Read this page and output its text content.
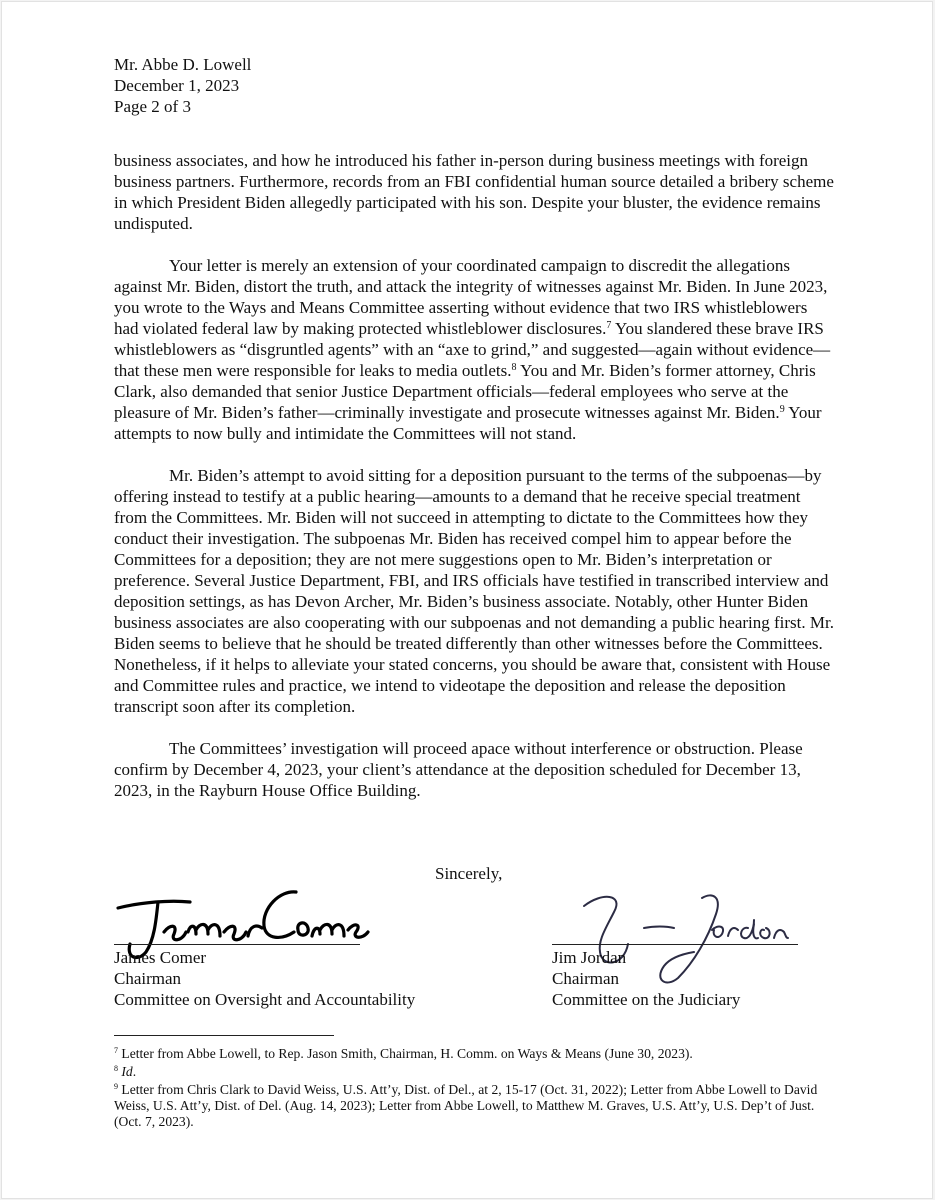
Mr. Abbe D. Lowell
December 1, 2023
Page 2 of 3

business associates, and how he introduced his father in-person during business meetings with foreign business partners. Furthermore, records from an FBI confidential human source detailed a bribery scheme in which President Biden allegedly participated with his son. Despite your bluster, the evidence remains undisputed.

Your letter is merely an extension of your coordinated campaign to discredit the allegations against Mr. Biden, distort the truth, and attack the integrity of witnesses against Mr. Biden. In June 2023, you wrote to the Ways and Means Committee asserting without evidence that two IRS whistleblowers had violated federal law by making protected whistleblower disclosures.$^7$ You slandered these brave IRS whistleblowers as “disgruntled agents” with an “axe to grind,” and suggested—again without evidence—that these men were responsible for leaks to media outlets.$^8$ You and Mr. Biden’s former attorney, Chris Clark, also demanded that senior Justice Department officials—federal employees who serve at the pleasure of Mr. Biden’s father—criminally investigate and prosecute witnesses against Mr. Biden.$^9$ Your attempts to now bully and intimidate the Committees will not stand.

Mr. Biden’s attempt to avoid sitting for a deposition pursuant to the terms of the subpoenas—by offering instead to testify at a public hearing—amounts to a demand that he receive special treatment from the Committees. Mr. Biden will not succeed in attempting to dictate to the Committees how they conduct their investigation. The subpoenas Mr. Biden has received compel him to appear before the Committees for a deposition; they are not mere suggestions open to Mr. Biden’s interpretation or preference. Several Justice Department, FBI, and IRS officials have testified in transcribed interview and deposition settings, as has Devon Archer, Mr. Biden’s business associate. Notably, other Hunter Biden business associates are also cooperating with our subpoenas and not demanding a public hearing first. Mr. Biden seems to believe that he should be treated differently than other witnesses before the Committees. Nonetheless, if it helps to alleviate your stated concerns, you should be aware that, consistent with House and Committee rules and practice, we intend to videotape the deposition and release the deposition transcript soon after its completion.

The Committees’ investigation will proceed apace without interference or obstruction. Please confirm by December 4, 2023, your client’s attendance at the deposition scheduled for December 13, 2023, in the Rayburn House Office Building.

Sincerely,
James Comer
Chairman
Committee on Oversight and Accountability
Jim Jordan
Chairman
Committee on the Judiciary

$^7$ Letter from Abbe Lowell, to Rep. Jason Smith, Chairman, H. Comm. on Ways & Means (June 30, 2023).

$^8$ Id.

$^9$ Letter from Chris Clark to David Weiss, U.S. Att’y, Dist. of Del., at 2, 15-17 (Oct. 31, 2022); Letter from Abbe Lowell to David Weiss, U.S. Att’y, Dist. of Del. (Aug. 14, 2023); Letter from Abbe Lowell, to Matthew M. Graves, U.S. Att’y, U.S. Dep’t of Just. (Oct. 7, 2023).
